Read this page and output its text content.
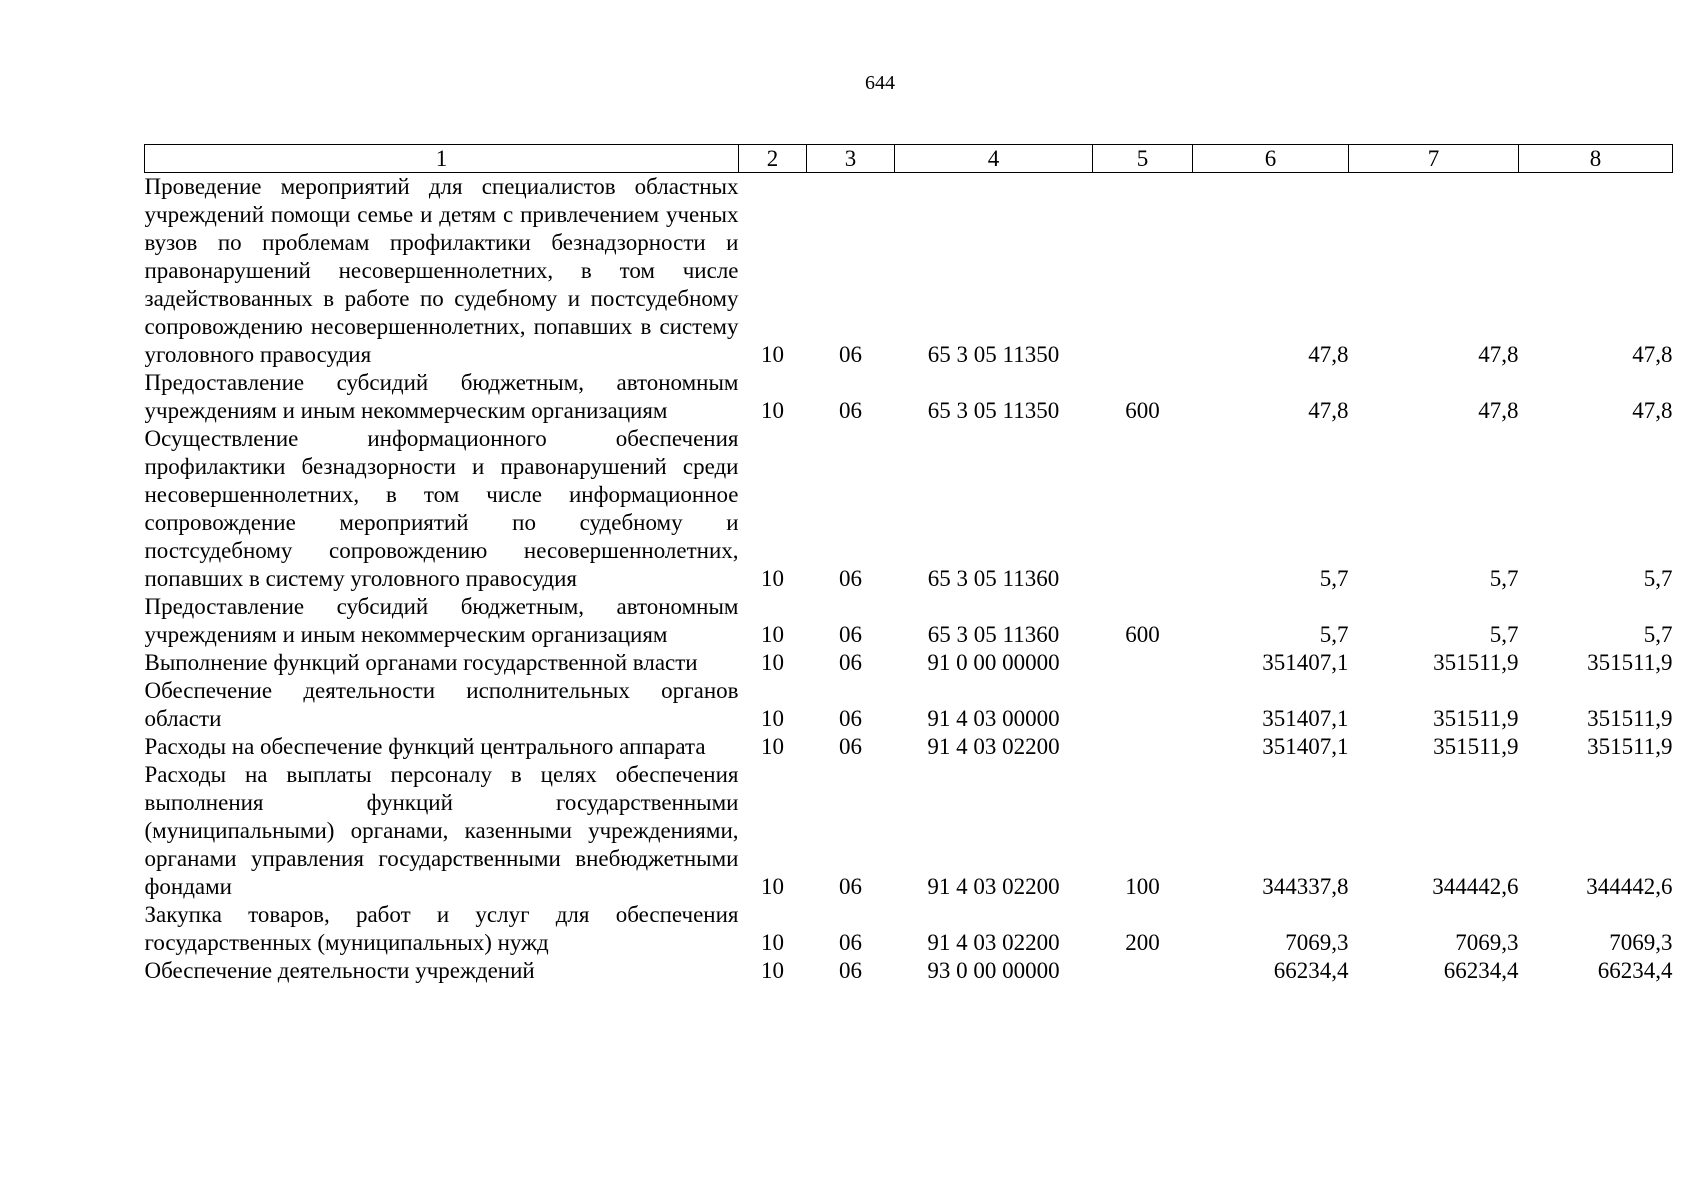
644
1	2	3	4	5	6	7	8
Проведение мероприятий для специалистов областных учреждений помощи семье и детям с привлечением ученых вузов по проблемам профилактики безнадзорности и правонарушений несовершеннолетних, в том числе задействованных в работе по судебному и постсудебному сопровождению несовершеннолетних, попавших в систему уголовного правосудия	10	06	65 3 05 11350		47,8	47,8	47,8
Предоставление субсидий бюджетным, автономным учреждениям и иным некоммерческим организациям	10	06	65 3 05 11350	600	47,8	47,8	47,8
Осуществление информационного обеспечения профилактики безнадзорности и правонарушений среди несовершеннолетних, в том числе информационное сопровождение мероприятий по судебному и постсудебному сопровождению несовершеннолетних, попавших в систему уголовного правосудия	10	06	65 3 05 11360		5,7	5,7	5,7
Предоставление субсидий бюджетным, автономным учреждениям и иным некоммерческим организациям	10	06	65 3 05 11360	600	5,7	5,7	5,7
Выполнение функций органами государственной власти	10	06	91 0 00 00000		351407,1	351511,9	351511,9
Обеспечение деятельности исполнительных органов области	10	06	91 4 03 00000		351407,1	351511,9	351511,9
Расходы на обеспечение функций центрального аппарата	10	06	91 4 03 02200		351407,1	351511,9	351511,9
Расходы на выплаты персоналу в целях обеспечения выполнения функций государственными (муниципальными) органами, казенными учреждениями, органами управления государственными внебюджетными фондами	10	06	91 4 03 02200	100	344337,8	344442,6	344442,6
Закупка товаров, работ и услуг для обеспечения государственных (муниципальных) нужд	10	06	91 4 03 02200	200	7069,3	7069,3	7069,3
Обеспечение деятельности учреждений	10	06	93 0 00 00000		66234,4	66234,4	66234,4
